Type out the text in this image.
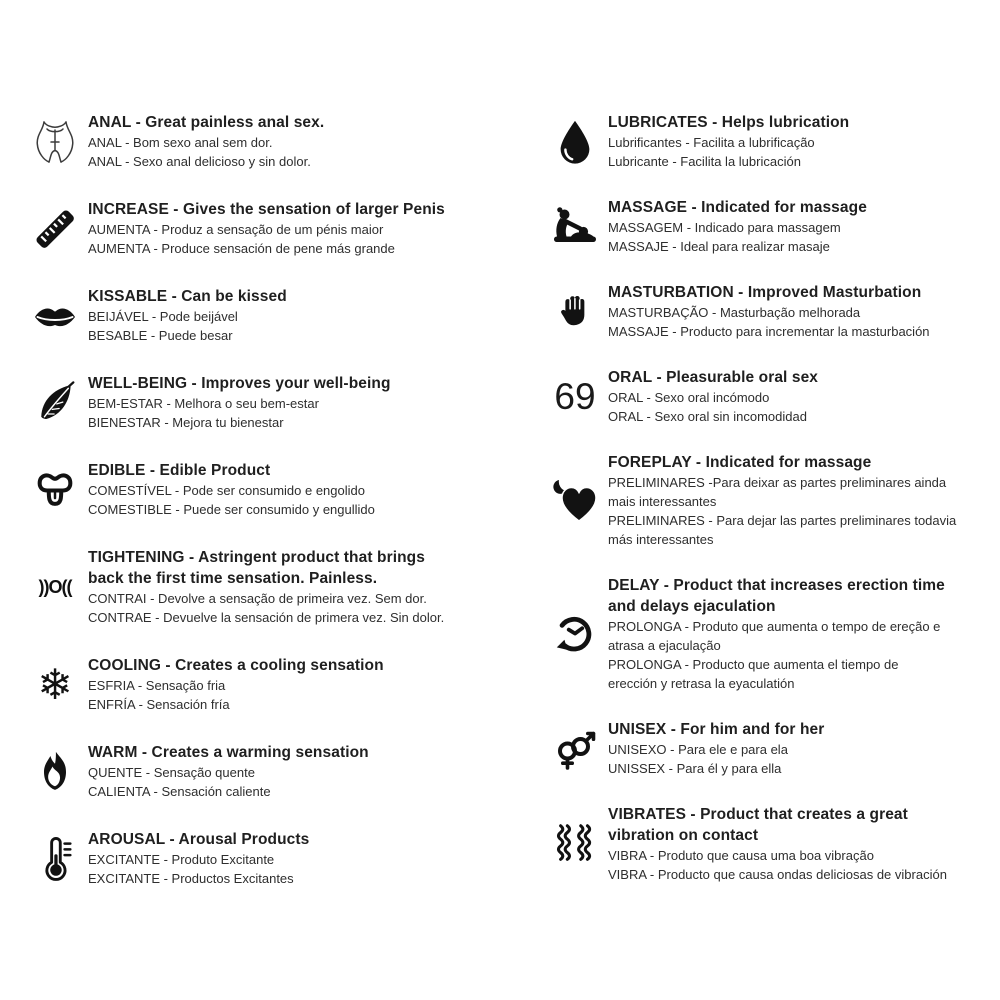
ANAL - Great painless anal sex.
ANAL - Bom sexo anal sem dor.
ANAL - Sexo anal delicioso y sin dolor.
INCREASE - Gives the sensation of larger Penis
AUMENTA - Produz a sensação de um pénis maior
AUMENTA - Produce sensación de pene más grande
KISSABLE - Can be kissed
BEIJÁVEL - Pode beijável
BESABLE - Puede besar
WELL-BEING - Improves your well-being
BEM-ESTAR - Melhora o seu bem-estar
BIENESTAR - Mejora tu bienestar
EDIBLE - Edible Product
COMESTÍVEL - Pode ser consumido e engolido
COMESTIBLE - Puede ser consumido y engullido
))O((
TIGHTENING - Astringent product that brings
back the first time sensation. Painless.
CONTRAI - Devolve a sensação de primeira vez. Sem dor.
CONTRAE - Devuelve la sensación de primera vez. Sin dolor.
❄ COOLING - Creates a cooling sensation
ESFRIA - Sensação fria
ENFRÍA - Sensación fría
WARM - Creates a warming sensation
QUENTE - Sensação quente
CALIENTA - Sensación caliente
AROUSAL - Arousal Products
EXCITANTE - Produto Excitante
EXCITANTE - Productos Excitantes
LUBRICATES - Helps lubrication
Lubrificantes - Facilita a lubrificação
Lubricante - Facilita la lubricación
MASSAGE - Indicated for massage
MASSAGEM - Indicado para massagem
MASSAJE - Ideal para realizar masaje
MASTURBATION - Improved Masturbation
MASTURBAÇÃO - Masturbação melhorada
MASSAJE - Producto para incrementar la masturbación
69 ORAL - Pleasurable oral sex
ORAL - Sexo oral incómodo
ORAL - Sexo oral sin incomodidad
FOREPLAY - Indicated for massage
PRELIMINARES -Para deixar as partes preliminares ainda
mais interessantes
PRELIMINARES - Para dejar las partes preliminares todavia
más interessantes
DELAY - Product that increases erection time
and delays ejaculation
PROLONGA - Produto que aumenta o tempo de ereção e
atrasa a ejaculação
PROLONGA - Producto que aumenta el tiempo de
erección y retrasa la eyaculatión
UNISEX - For him and for her
UNISEXO - Para ele e para ela
UNISSEX - Para él y para ella
VIBRATES - Product that creates a great
vibration on contact
VIBRA - Produto que causa uma boa vibração
VIBRA - Producto que causa ondas deliciosas de vibración
